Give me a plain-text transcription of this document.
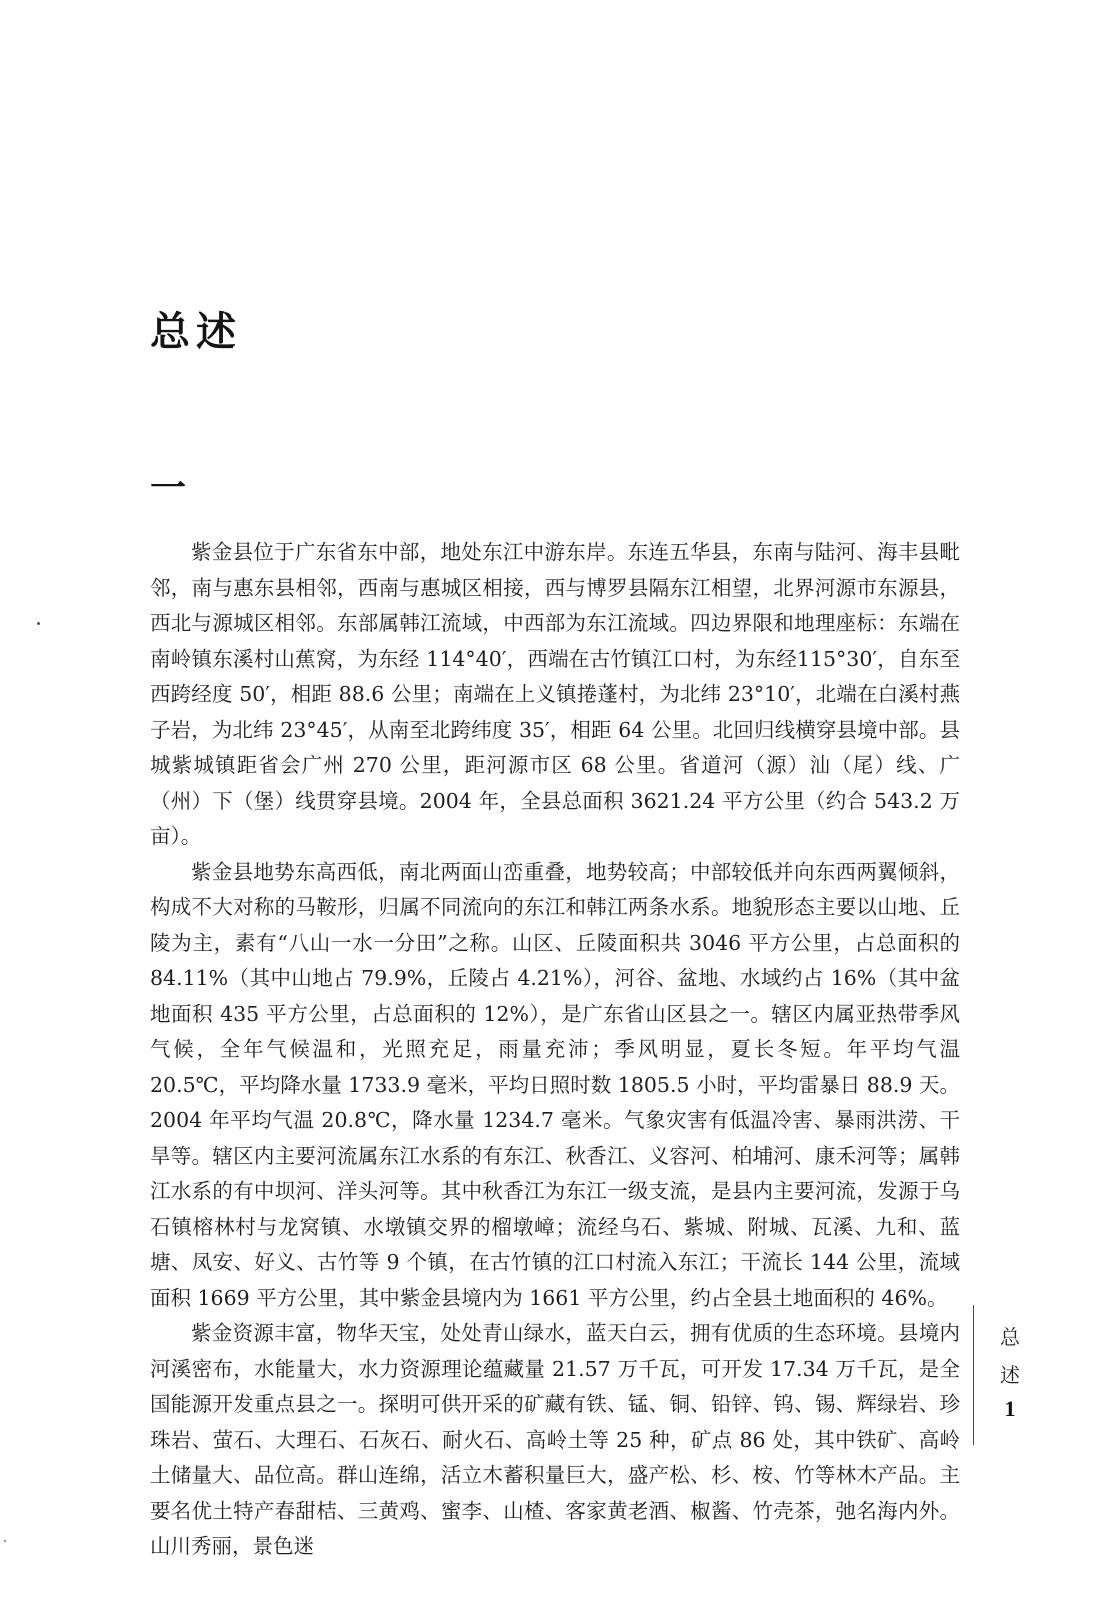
总述
一

紫金县位于广东省东中部，地处东江中游东岸。东连五华县，东南与陆河、海丰县毗邻，南与惠东县相邻，西南与惠城区相接，西与博罗县隔东江相望，北界河源市东源县，西北与源城区相邻。东部属韩江流域，中西部为东江流域。四边界限和地理座标：东端在南岭镇东溪村山蕉窝，为东经 114°40′，西端在古竹镇江口村，为东经115°30′，自东至西跨经度 50′，相距 88.6 公里；南端在上义镇捲蓬村，为北纬 23°10′，北端在白溪村燕子岩，为北纬 23°45′，从南至北跨纬度 35′，相距 64 公里。北回归线横穿县境中部。县城紫城镇距省会广州 270 公里，距河源市区 68 公里。省道河（源）汕（尾）线、广（州）下（堡）线贯穿县境。2004 年，全县总面积 3621.24 平方公里（约合 543.2 万亩）。

紫金县地势东高西低，南北两面山峦重叠，地势较高；中部较低并向东西两翼倾斜，构成不大对称的马鞍形，归属不同流向的东江和韩江两条水系。地貌形态主要以山地、丘陵为主，素有“八山一水一分田”之称。山区、丘陵面积共 3046 平方公里，占总面积的 84.11%（其中山地占 79.9%，丘陵占 4.21%），河谷、盆地、水域约占 16%（其中盆地面积 435 平方公里，占总面积的 12%），是广东省山区县之一。辖区内属亚热带季风气候，全年气候温和，光照充足，雨量充沛；季风明显，夏长冬短。年平均气温 20.5℃，平均降水量 1733.9 毫米，平均日照时数 1805.5 小时，平均雷暴日 88.9 天。2004 年平均气温 20.8℃，降水量 1234.7 毫米。气象灾害有低温冷害、暴雨洪涝、干旱等。辖区内主要河流属东江水系的有东江、秋香江、义容河、柏埔河、康禾河等；属韩江水系的有中坝河、洋头河等。其中秋香江为东江一级支流，是县内主要河流，发源于乌石镇榕林村与龙窝镇、水墩镇交界的榴墩嶂；流经乌石、紫城、附城、瓦溪、九和、蓝塘、凤安、好义、古竹等 9 个镇，在古竹镇的江口村流入东江；干流长 144 公里，流域面积 1669 平方公里，其中紫金县境内为 1661 平方公里，约占全县土地面积的 46%。

紫金资源丰富，物华天宝，处处青山绿水，蓝天白云，拥有优质的生态环境。县境内河溪密布，水能量大，水力资源理论蕴藏量 21.57 万千瓦，可开发 17.34 万千瓦，是全国能源开发重点县之一。探明可供开采的矿藏有铁、锰、铜、铅锌、钨、锡、辉绿岩、珍珠岩、萤石、大理石、石灰石、耐火石、高岭土等 25 种，矿点 86 处，其中铁矿、高岭土储量大、品位高。群山连绵，活立木蓄积量巨大，盛产松、杉、桉、竹等林木产品。主要名优土特产春甜桔、三黄鸡、蜜李、山楂、客家黄老酒、椒酱、竹壳茶，弛名海内外。山川秀丽，景色迷

总
述
1
